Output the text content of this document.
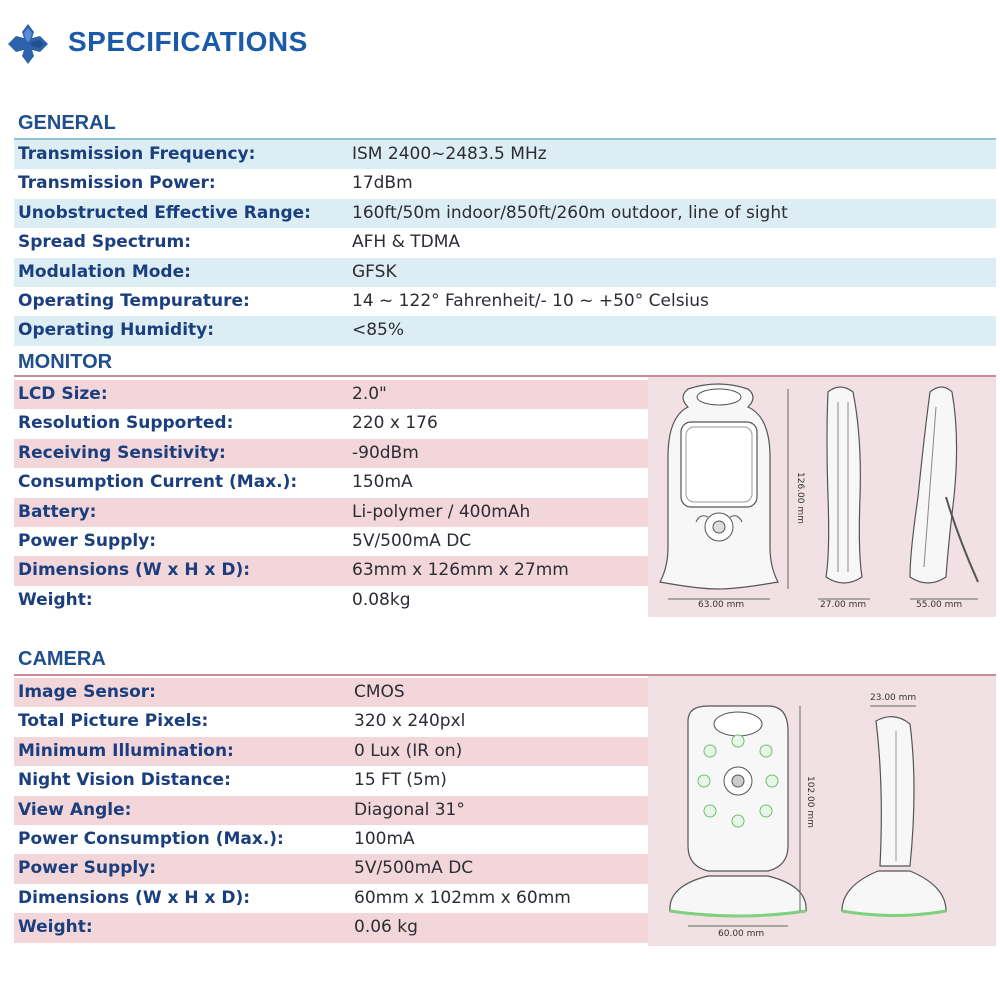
SPECIFICATIONS
GENERAL
Transmission Frequency:	ISM 2400~2483.5 MHz
Transmission Power:	17dBm
Unobstructed Effective Range: 160ft/50m indoor/850ft/260m outdoor, line of sight
Spread Spectrum:	AFH & TDMA
Modulation Mode:	GFSK
Operating Tempurature:	14 ~ 122° Fahrenheit/- 10 ~ +50° Celsius
Operating Humidity:	<85%
MONITOR
63.00 mm
126.00 mm
27.00 mm	55.00 mm
LCD Size:	2.0"
Resolution Supported:	220 x 176
Receiving Sensitivity:	-90dBm
Consumption Current (Max.):	150mA
Battery:	Li-polymer / 400mAh
Power Supply:	5V/500mA DC
Dimensions (W x H x D):	63mm x 126mm x 27mm
Weight:	0.08kg
CAMERA
60.00 mm
102.00 mm
23.00 mm
Image Sensor:	CMOS
Total Picture Pixels:	320 x 240pxl
Minimum Illumination:	0 Lux (IR on)
Night Vision Distance:	15 FT (5m)
View Angle:	Diagonal 31°
Power Consumption (Max.):	100mA
Power Supply:	5V/500mA DC
Dimensions (W x H x D):	60mm x 102mm x 60mm
Weight:	0.06 kg
